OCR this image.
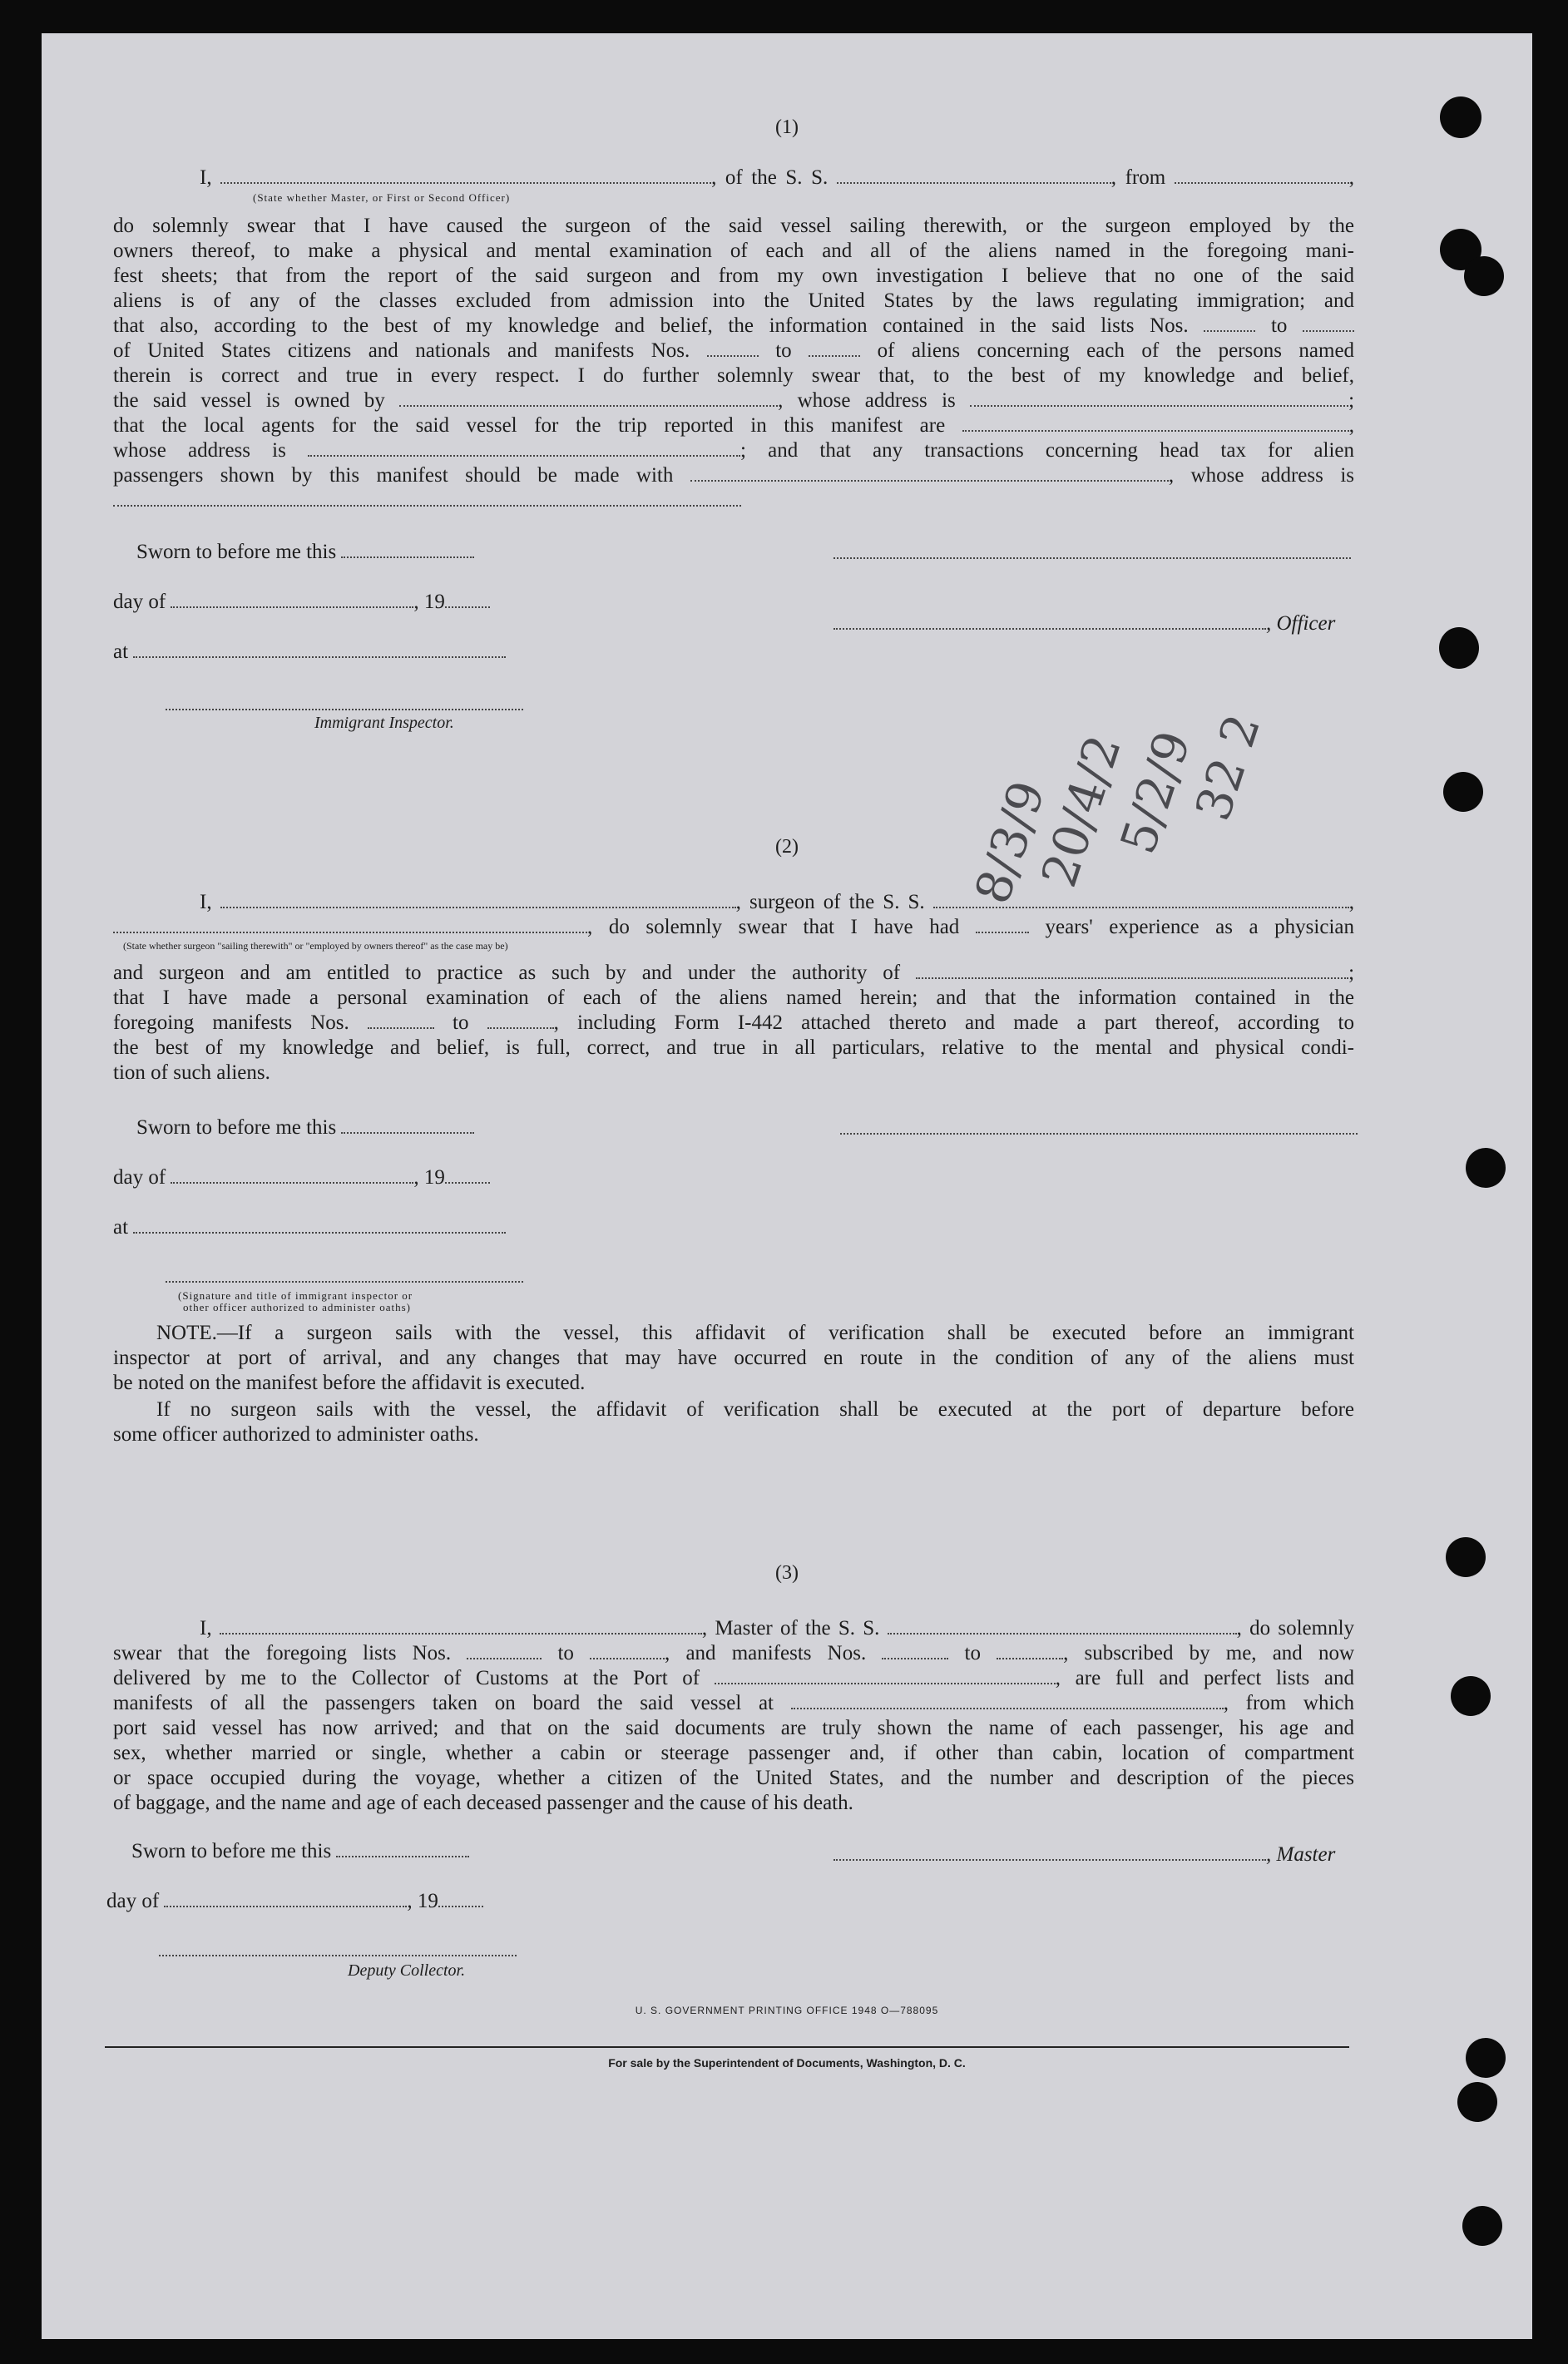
(1)
I,	, of the S. S.	, from	,
(State whether Master, or First or Second Officer)
do solemnly swear that I have caused the surgeon of the said vessel sailing therewith, or the surgeon employed by the
owners thereof, to make a physical and mental examination of each and all of the aliens named in the foregoing mani-
fest sheets; that from the report of the said surgeon and from my own investigation I believe that no one of the said
aliens is of any of the classes excluded from admission into the United States by the laws regulating immigration; and
that also, according to the best of my knowledge and belief, the information contained in the said lists Nos.	to
of United States citizens and nationals and manifests Nos.	to	of aliens concerning each of the persons named
therein is correct and true in every respect. I do further solemnly swear that, to the best of my knowledge and belief,
the said vessel is owned by	, whose address is	;
that the local agents for the said vessel for the trip reported in this manifest are	,
whose address is	; and that any transactions concerning head tax for alien
passengers shown by this manifest should be made with	, whose address is
Sworn to before me this
day of	, 19
, Officer
at
Immigrant Inspector.
8/3/9
20/4/2
5/2/9
32 2
(2)
I,	, surgeon of the S. S.	,
, do solemnly swear that I have had	years' experience as a physician
(State whether surgeon "sailing therewith" or "employed by owners thereof" as the case may be)
and surgeon and am entitled to practice as such by and under the authority of	;
that I have made a personal examination of each of the aliens named herein; and that the information contained in the
foregoing manifests Nos.	to	, including Form I-442 attached thereto and made a part thereof, according to
the best of my knowledge and belief, is full, correct, and true in all particulars, relative to the mental and physical condi-
tion of such aliens.
Sworn to before me this
day of	, 19
at
(Signature and title of immigrant inspector or
other officer authorized to administer oaths)
NOTE.—If a surgeon sails with the vessel, this affidavit of verification shall be executed before an immigrant
inspector at port of arrival, and any changes that may have occurred en route in the condition of any of the aliens must
be noted on the manifest before the affidavit is executed.
If no surgeon sails with the vessel, the affidavit of verification shall be executed at the port of departure before
some officer authorized to administer oaths.
(3)
I,	, Master of the S. S.	, do solemnly
swear that the foregoing lists Nos.	to	, and manifests Nos.	to	, subscribed by me, and now
delivered by me to the Collector of Customs at the Port of	, are full and perfect lists and
manifests of all the passengers taken on board the said vessel at	, from which
port said vessel has now arrived; and that on the said documents are truly shown the name of each passenger, his age and
sex, whether married or single, whether a cabin or steerage passenger and, if other than cabin, location of compartment
or space occupied during the voyage, whether a citizen of the United States, and the number and description of the pieces
of baggage, and the name and age of each deceased passenger and the cause of his death.
Sworn to before me this	, Master
day of	, 19
Deputy Collector.
U. S. GOVERNMENT PRINTING OFFICE 1948 O—788095
For sale by the Superintendent of Documents, Washington, D. C.
